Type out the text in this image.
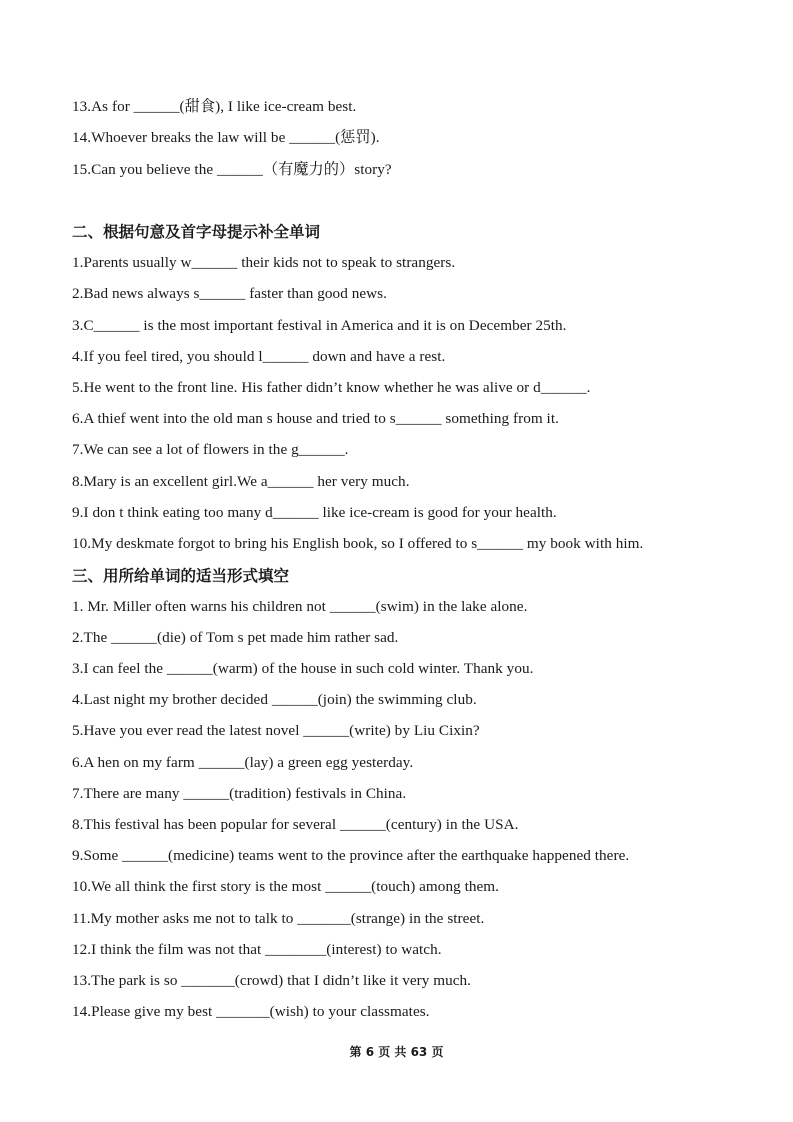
13.As for ______(甜食), I like ice-cream best.
14.Whoever breaks the law will be ______(惩罚).
15.Can you believe the ______（有魔力的）story?
二、根据句意及首字母提示补全单词
1.Parents usually w______ their kids not to speak to strangers.
2.Bad news always s______ faster than good news.
3.C______ is the most important festival in America and it is on December 25th.
4.If you feel tired, you should l______ down and have a rest.
5.He went to the front line. His father didn’t know whether he was alive or d______.
6.A thief went into the old man s house and tried to s______ something from it.
7.We can see a lot of flowers in the g______.
8.Mary is an excellent girl.We a______ her very much.
9.I don t think eating too many d______ like ice-cream is good for your health.
10.My deskmate forgot to bring his English book, so I offered to s______ my book with him.
三、用所给单词的适当形式填空
1. Mr. Miller often warns his children not ______(swim) in the lake alone.
2.The ______(die) of Tom s pet made him rather sad.
3.I can feel the ______(warm) of the house in such cold winter. Thank you.
4.Last night my brother decided ______(join) the swimming club.
5.Have you ever read the latest novel ______(write) by Liu Cixin?
6.A hen on my farm ______(lay) a green egg yesterday.
7.There are many ______(tradition) festivals in China.
8.This festival has been popular for several ______(century) in the USA.
9.Some ______(medicine) teams went to the province after the earthquake happened there.
10.We all think the first story is the most ______(touch) among them.
11.My mother asks me not to talk to _______(strange) in the street.
12.I think the film was not that ________(interest) to watch.
13.The park is so _______(crowd) that I didn’t like it very much.
14.Please give my best _______(wish) to your classmates.
第 6 页 共 63 页
